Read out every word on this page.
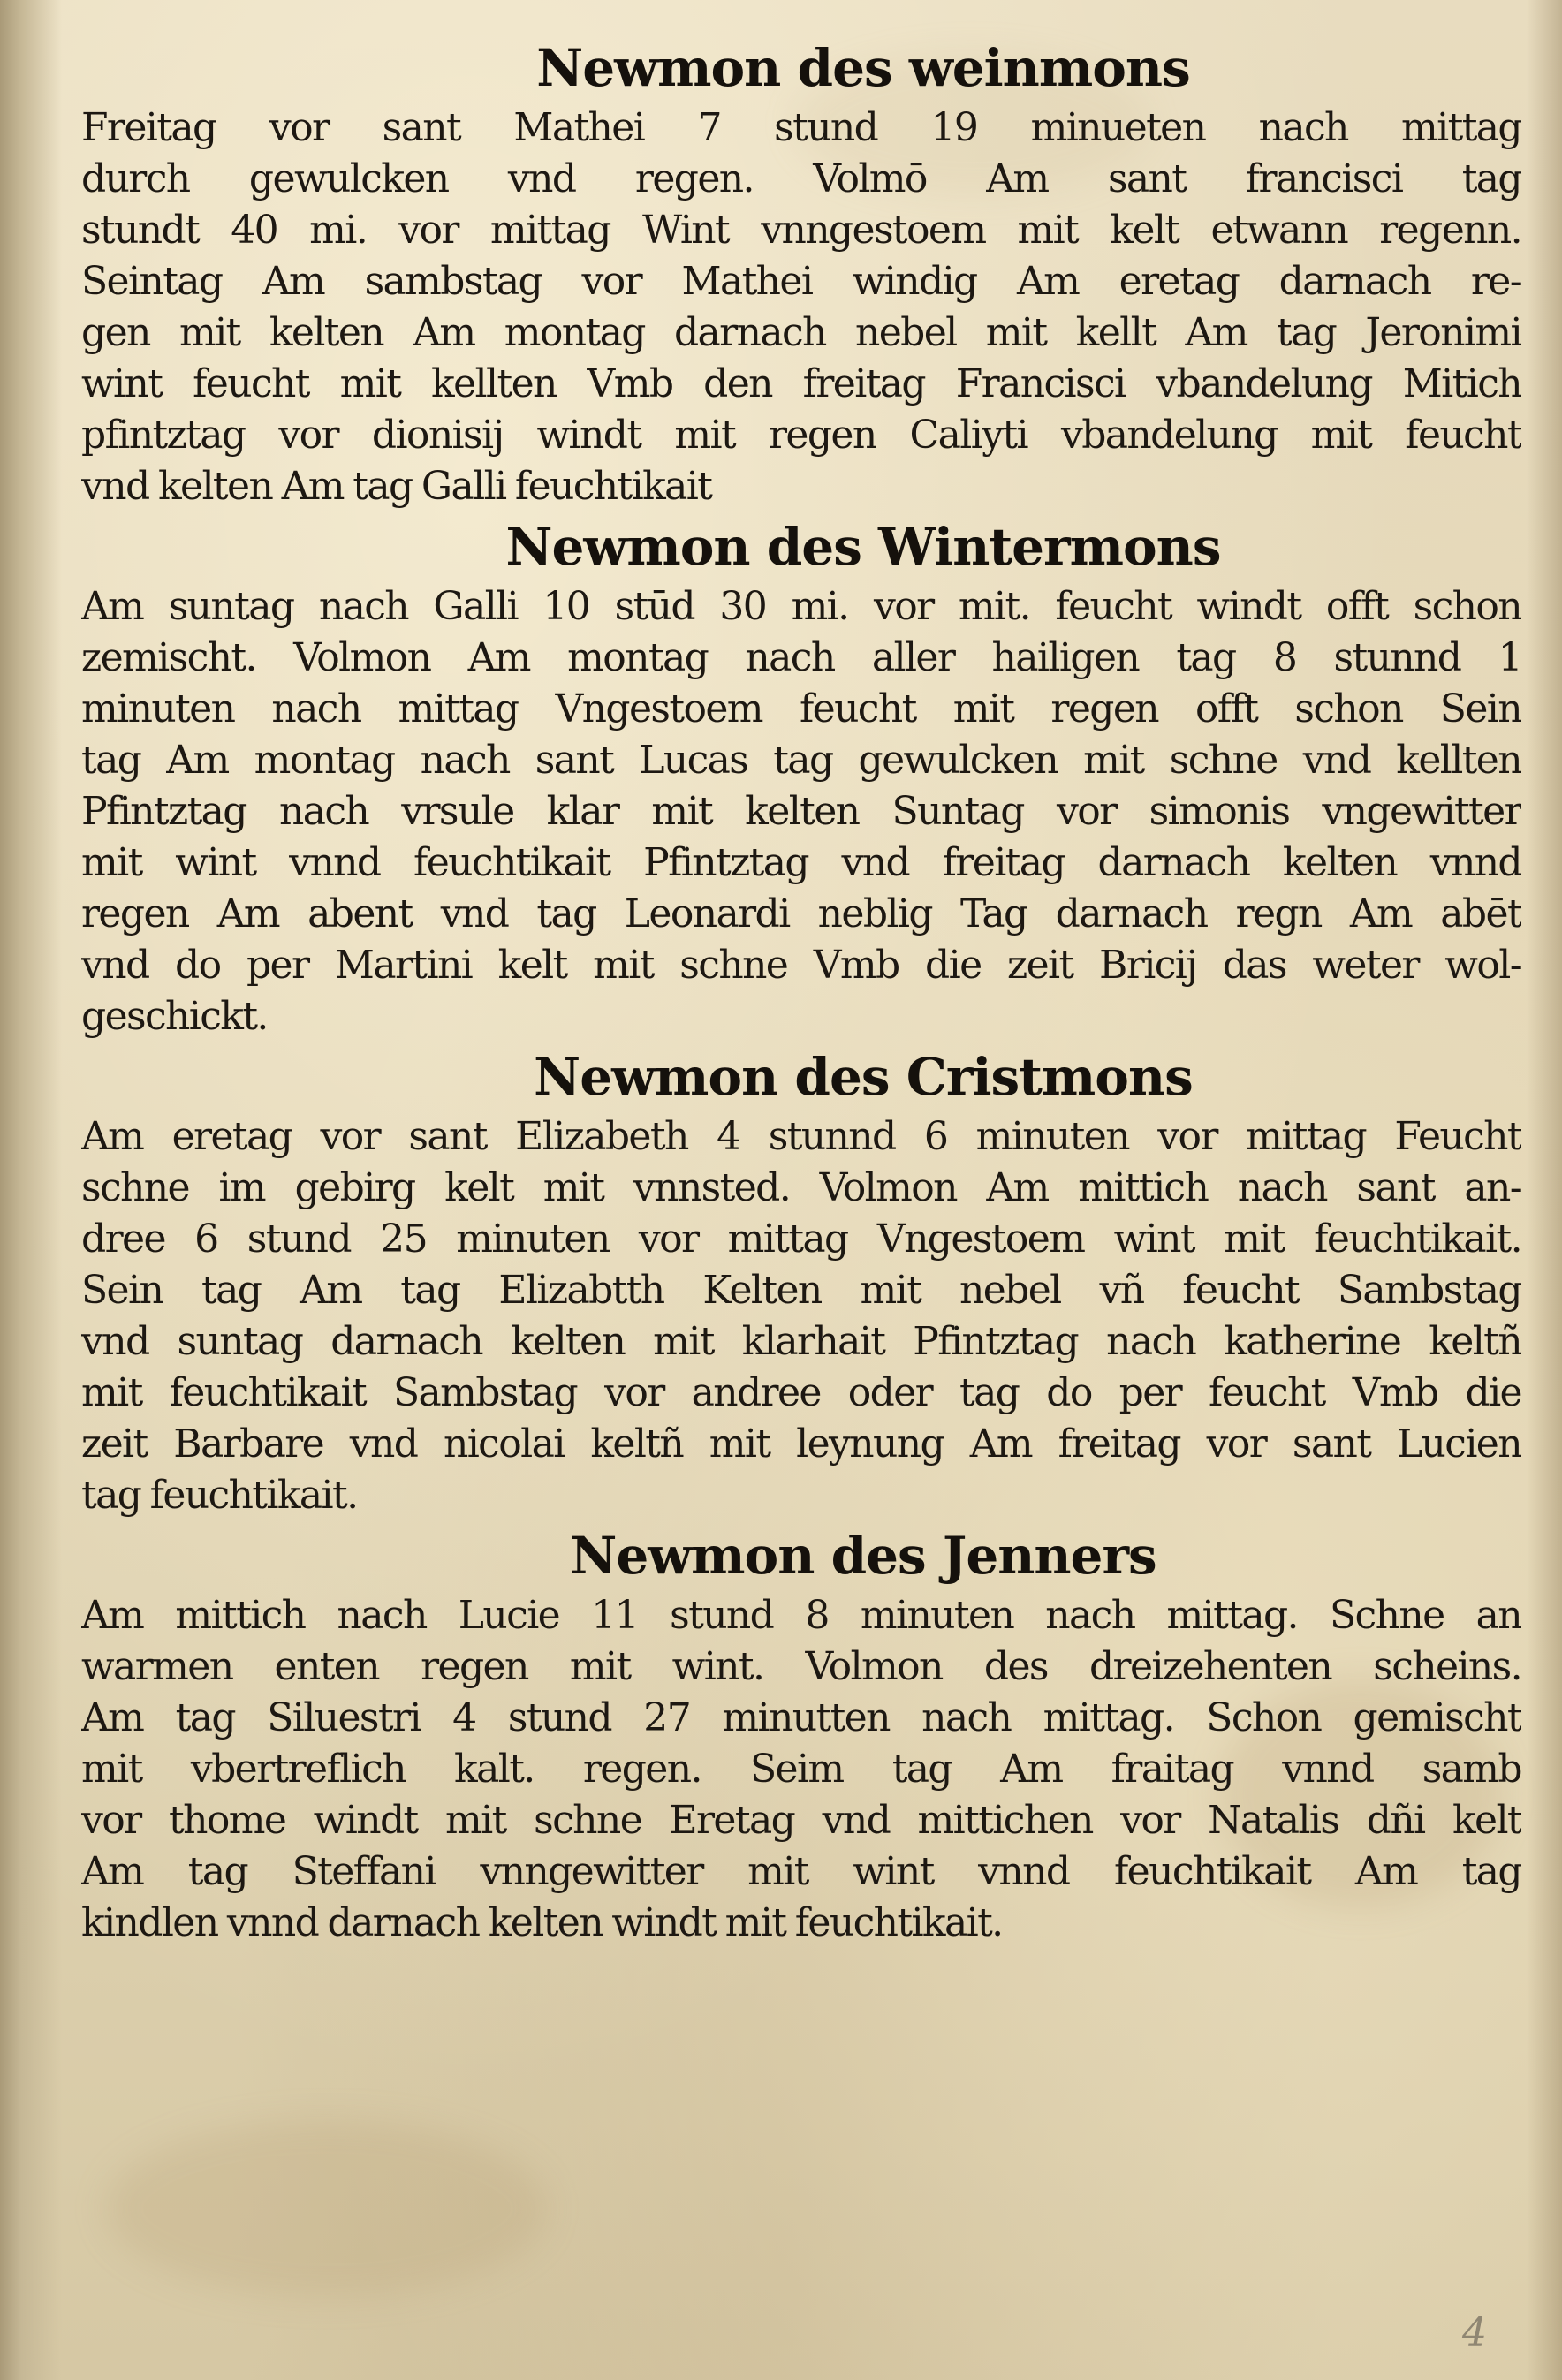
Newmon des weinmons
Freitag vor sant Mathei 7 stund 19 minueten nach mittag
durch gewulcken vnd regen. Volmō Am sant francisci tag
stundt 40 mi. vor mittag Wint vnngestoem mit kelt etwann regenn.
Seintag Am sambstag vor Mathei windig Am eretag darnach re-
gen mit kelten Am montag darnach nebel mit kellt Am tag Jeronimi
wint feucht mit kellten Vmb den freitag Francisci vbandelung Mitich
pfintztag vor dionisij windt mit regen Caliyti vbandelung mit feucht
vnd kelten Am tag Galli feuchtikait
Newmon des Wintermons
Am suntag nach Galli 10 stūd 30 mi. vor mit. feucht windt offt schon
zemischt. Volmon Am montag nach aller hailigen tag 8 stunnd 1
minuten nach mittag Vngestoem feucht mit regen offt schon Sein
tag Am montag nach sant Lucas tag gewulcken mit schne vnd kellten
Pfintztag nach vrsule klar mit kelten Suntag vor simonis vngewitter
mit wint vnnd feuchtikait Pfintztag vnd freitag darnach kelten vnnd
regen Am abent vnd tag Leonardi neblig Tag darnach regn Am abēt
vnd do per Martini kelt mit schne Vmb die zeit Bricij das weter wol-
geschickt.
Newmon des Cristmons
Am eretag vor sant Elizabeth 4 stunnd 6 minuten vor mittag Feucht
schne im gebirg kelt mit vnnsted. Volmon Am mittich nach sant an-
dree 6 stund 25 minuten vor mittag Vngestoem wint mit feuchtikait.
Sein tag Am tag Elizabtth Kelten mit nebel vñ feucht Sambstag
vnd suntag darnach kelten mit klarhait Pfintztag nach katherine keltñ
mit feuchtikait Sambstag vor andree oder tag do per feucht Vmb die
zeit Barbare vnd nicolai keltñ mit leynung Am freitag vor sant Lucien
tag feuchtikait.
Newmon des Jenners
Am mittich nach Lucie 11 stund 8 minuten nach mittag. Schne an
warmen enten regen mit wint. Volmon des dreizehenten scheins.
Am tag Siluestri 4 stund 27 minutten nach mittag. Schon gemischt
mit vbertreflich kalt. regen. Seim tag Am fraitag vnnd samb
vor thome windt mit schne Eretag vnd mittichen vor Natalis dñi kelt
Am tag Steffani vnngewitter mit wint vnnd feuchtikait Am tag
kindlen vnnd darnach kelten windt mit feuchtikait.
4
